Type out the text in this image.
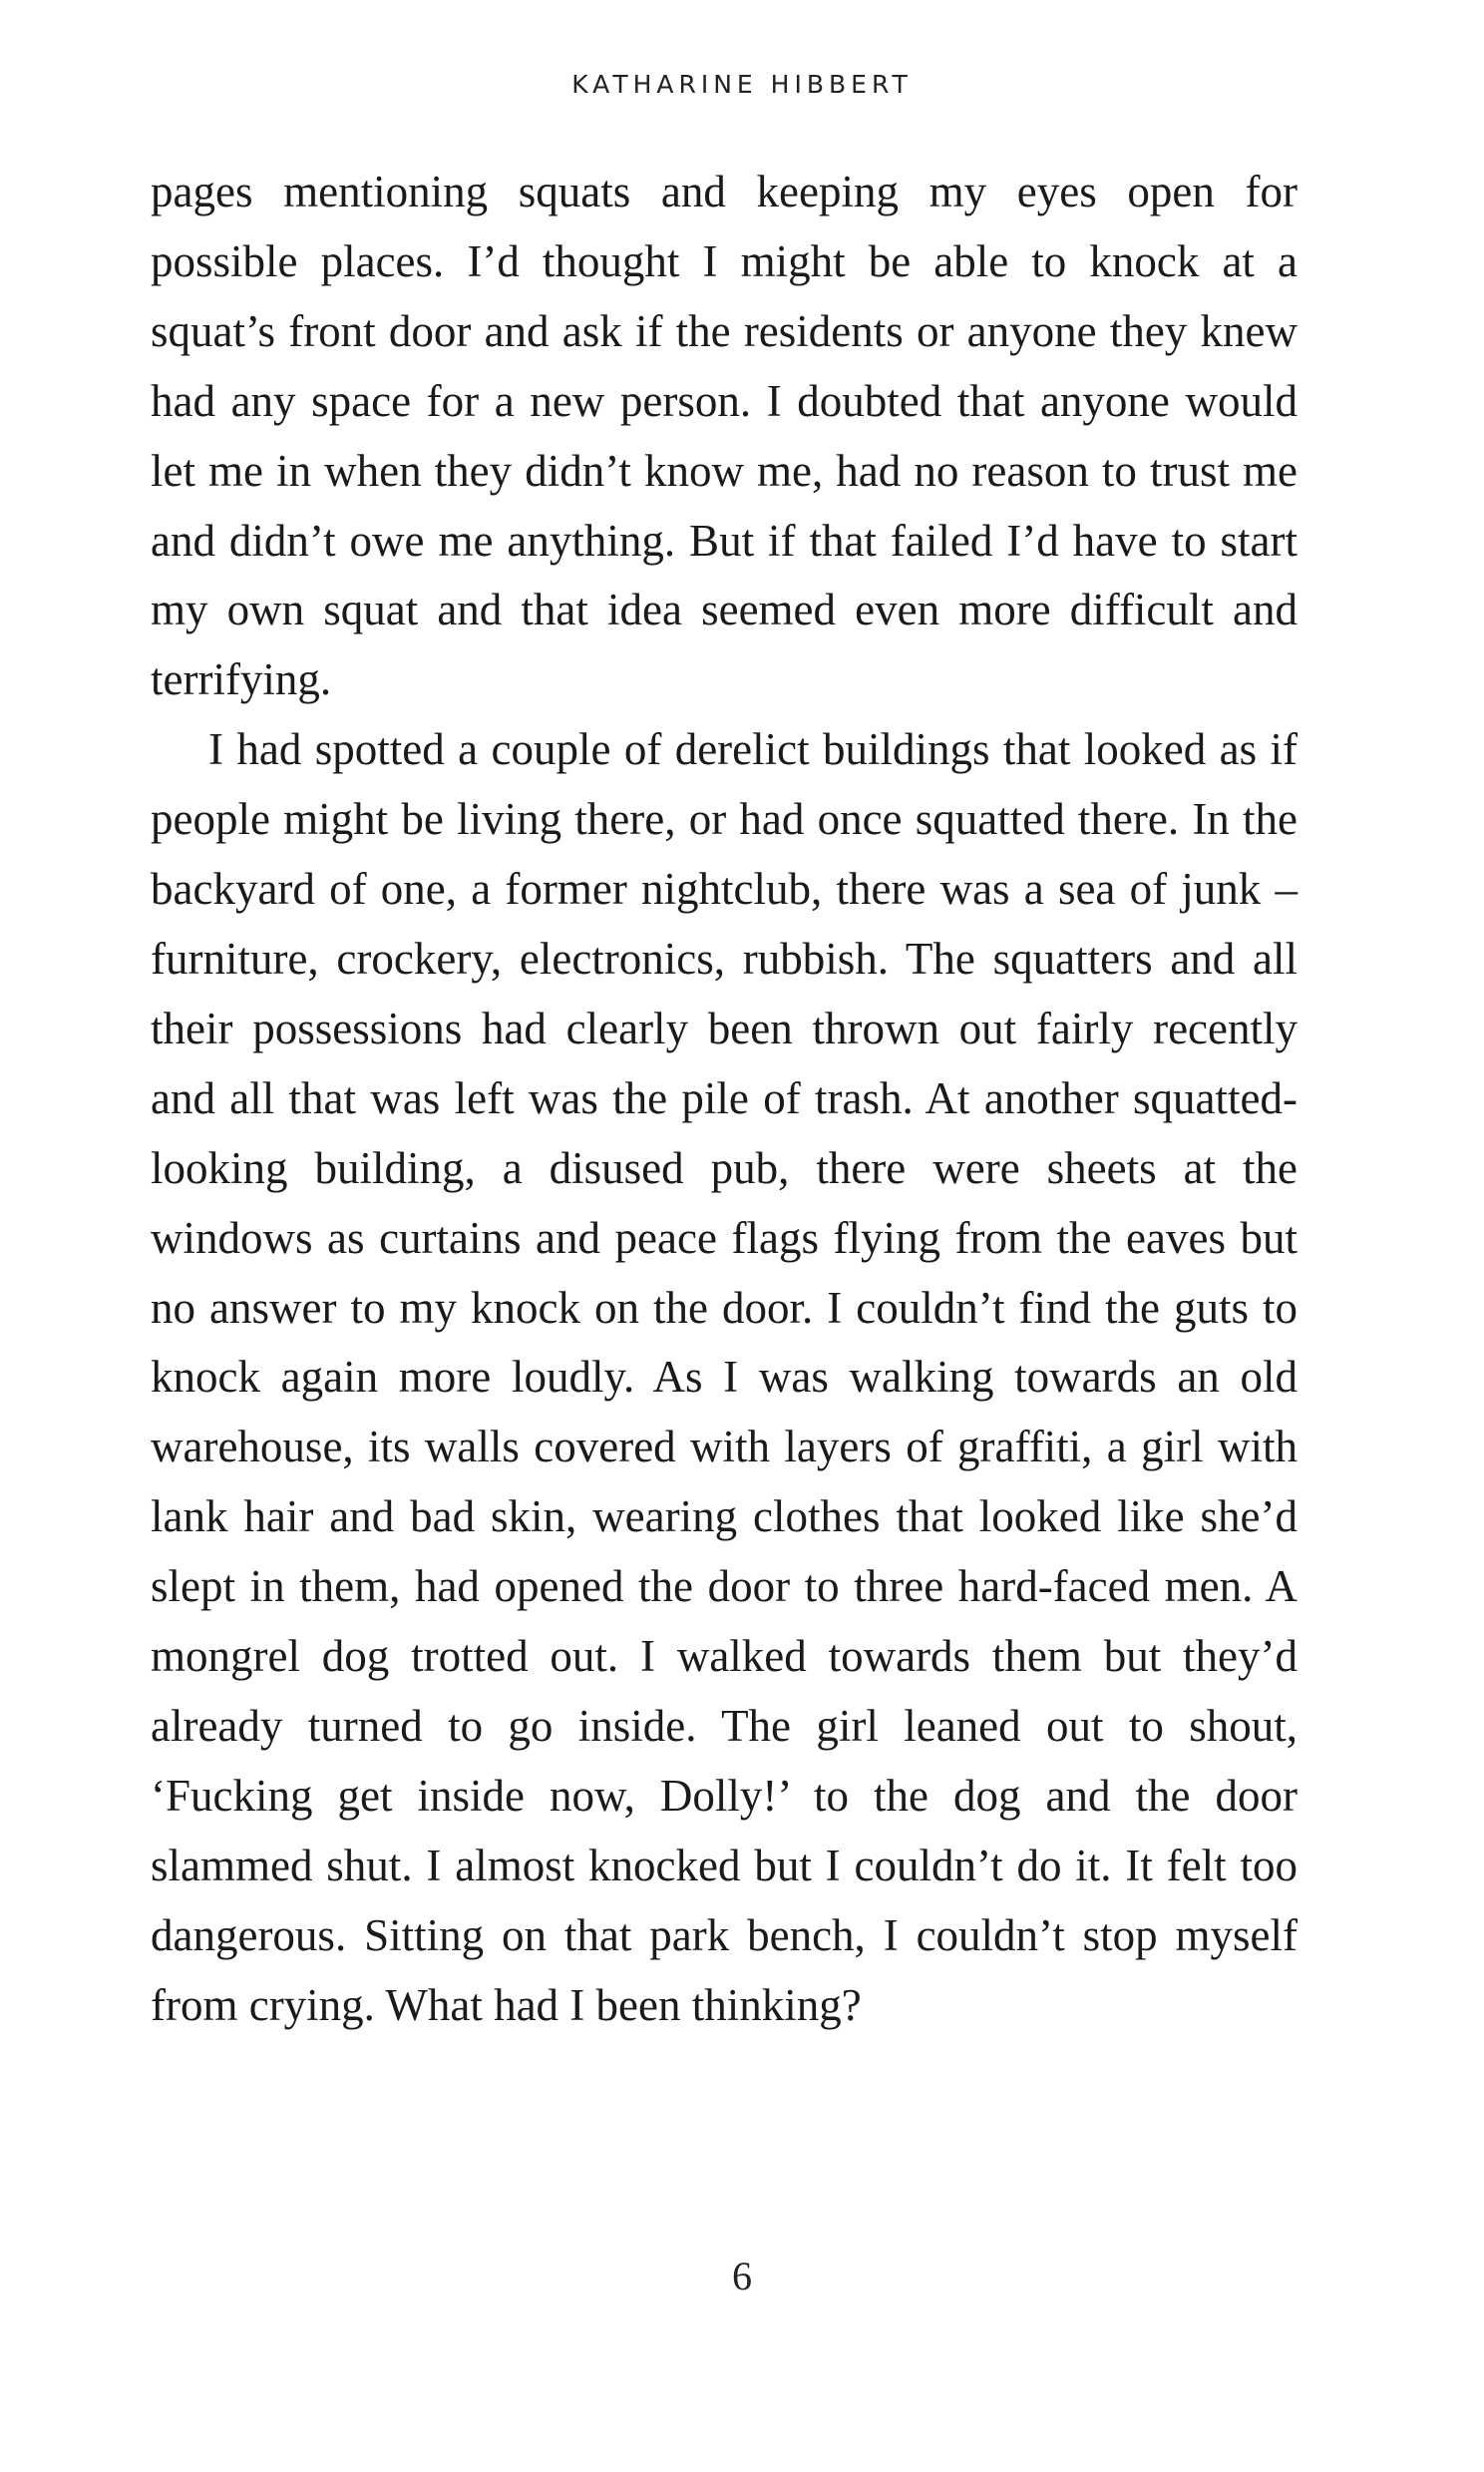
KATHARINE HIBBERT

pages mentioning squats and keeping my eyes open for possible places. I’d thought I might be able to knock at a squat’s front door and ask if the residents or anyone they knew had any space for a new person. I doubted that anyone would let me in when they didn’t know me, had no reason to trust me and didn’t owe me anything. But if that failed I’d have to start my own squat and that idea seemed even more difficult and terrifying.

I had spotted a couple of derelict buildings that looked as if people might be living there, or had once squatted there. In the backyard of one, a former nightclub, there was a sea of junk – furniture, crockery, electronics, rubbish. The squatters and all their possessions had clearly been thrown out fairly recently and all that was left was the pile of trash. At another squatted-looking building, a disused pub, there were sheets at the windows as curtains and peace flags flying from the eaves but no answer to my knock on the door. I couldn’t find the guts to knock again more loudly. As I was walking towards an old warehouse, its walls covered with layers of graffiti, a girl with lank hair and bad skin, wearing clothes that looked like she’d slept in them, had opened the door to three hard-faced men. A mongrel dog trotted out. I walked towards them but they’d already turned to go inside. The girl leaned out to shout, ‘Fucking get inside now, Dolly!’ to the dog and the door slammed shut. I almost knocked but I couldn’t do it. It felt too dangerous. Sitting on that park bench, I couldn’t stop myself from crying. What had I been thinking?

6
